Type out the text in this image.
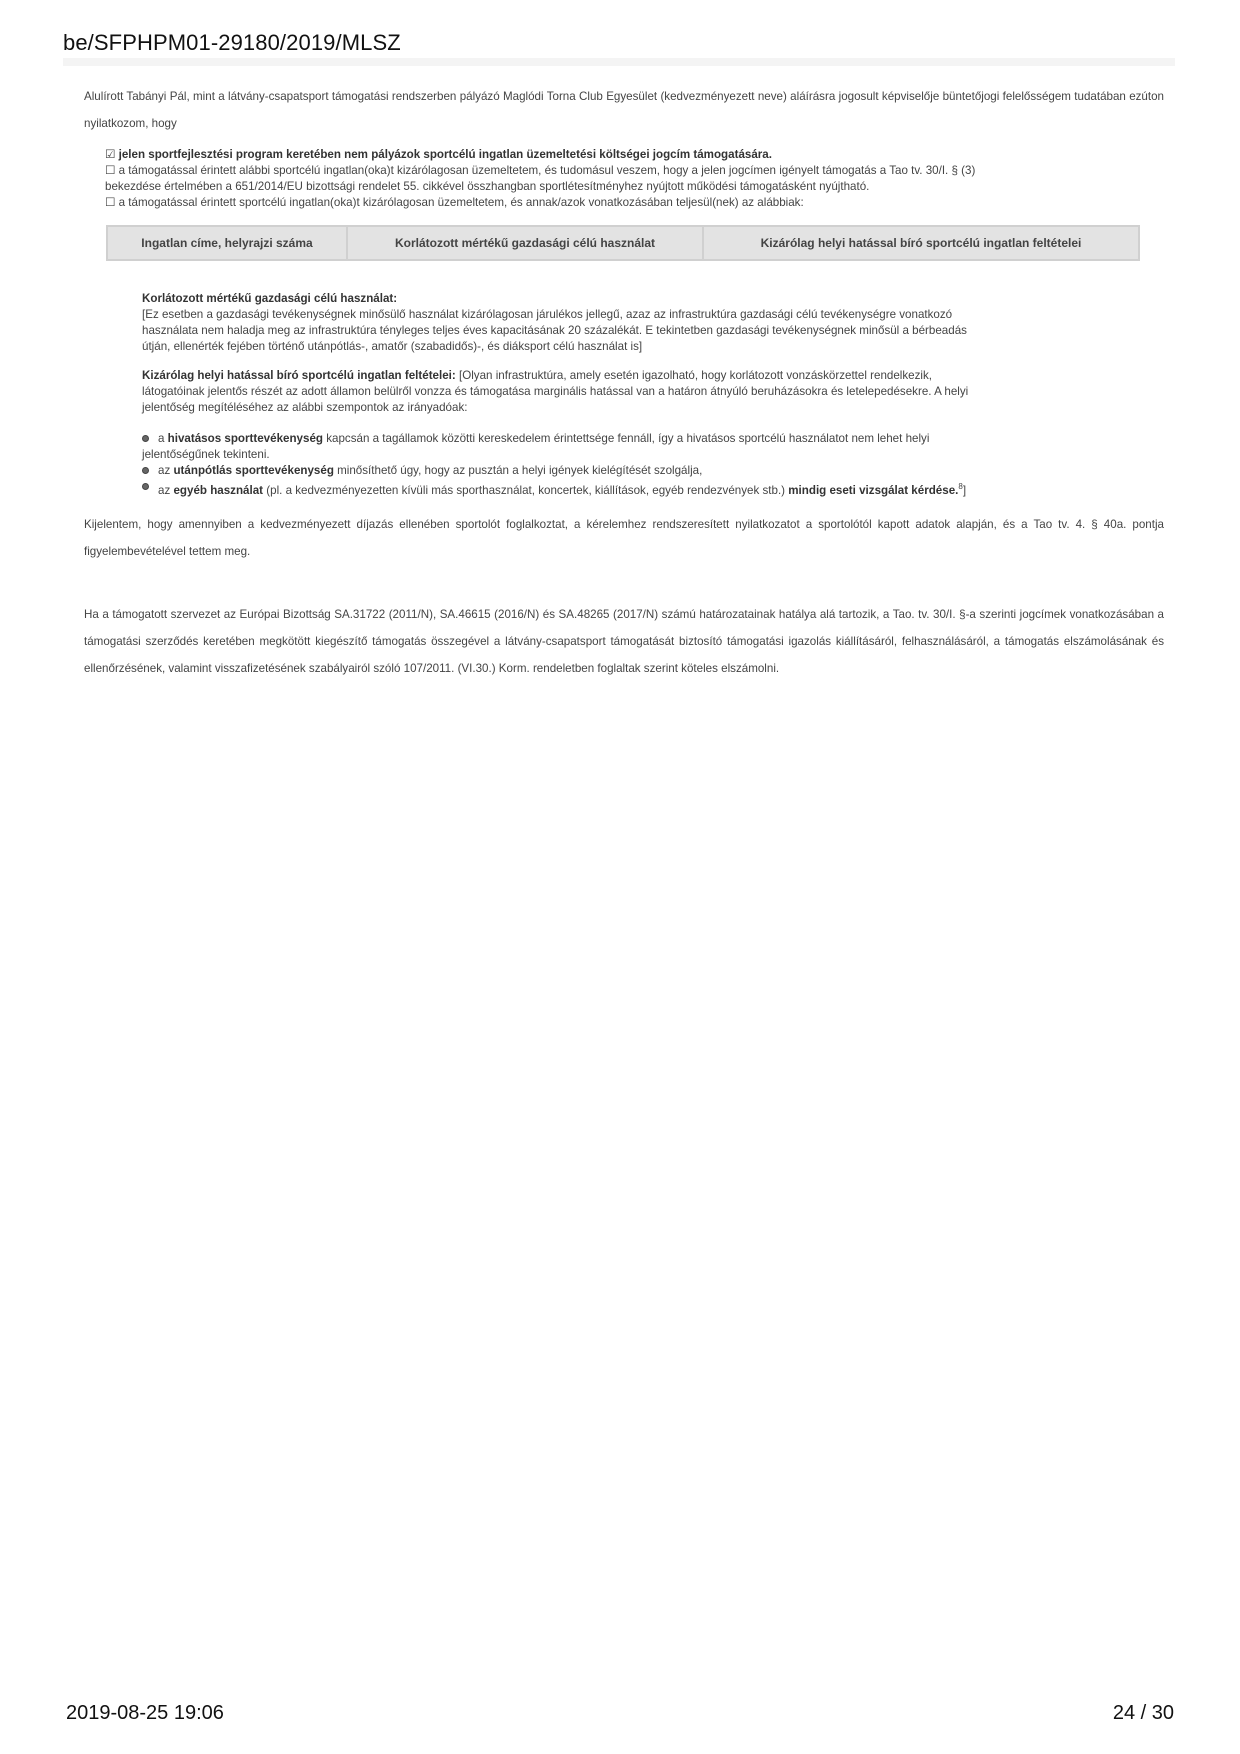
be/SFPHPM01-29180/2019/MLSZ
Alulírott Tabányi Pál, mint a látvány-csapatsport támogatási rendszerben pályázó Maglódi Torna Club Egyesület (kedvezményezett neve) aláírásra jogosult képviselője büntetőjogi felelősségem tudatában ezúton nyilatkozom, hogy
☑ jelen sportfejlesztési program keretében nem pályázok sportcélú ingatlan üzemeltetési költségei jogcím támogatására.
☐ a támogatással érintett alábbi sportcélú ingatlan(oka)t kizárólagosan üzemeltetem, és tudomásul veszem, hogy a jelen jogcímen igényelt támogatás a Tao tv. 30/I. § (3)
bekezdése értelmében a 651/2014/EU bizottsági rendelet 55. cikkével összhangban sportlétesítményhez nyújtott működési támogatásként nyújtható.
☐ a támogatással érintett sportcélú ingatlan(oka)t kizárólagosan üzemeltetem, és annak/azok vonatkozásában teljesül(nek) az alábbiak:
Ingatlan címe, helyrajzi száma	Korlátozott mértékű gazdasági célú használat	Kizárólag helyi hatással bíró sportcélú ingatlan feltételei
Korlátozott mértékű gazdasági célú használat:
[Ez esetben a gazdasági tevékenységnek minősülő használat kizárólagosan járulékos jellegű, azaz az infrastruktúra gazdasági célú tevékenységre vonatkozó
használata nem haladja meg az infrastruktúra tényleges teljes éves kapacitásának 20 százalékát. E tekintetben gazdasági tevékenységnek minősül a bérbeadás
útján, ellenérték fejében történő utánpótlás-, amatőr (szabadidős)-, és diáksport célú használat is]
Kizárólag helyi hatással bíró sportcélú ingatlan feltételei: [Olyan infrastruktúra, amely esetén igazolható, hogy korlátozott vonzáskörzettel rendelkezik,
látogatóinak jelentős részét az adott államon belülről vonzza és támogatása marginális hatással van a határon átnyúló beruházásokra és letelepedésekre. A helyi
jelentőség megítéléséhez az alábbi szempontok az irányadóak:
a hivatásos sporttevékenység kapcsán a tagállamok közötti kereskedelem érintettsége fennáll, így a hivatásos sportcélú használatot nem lehet helyi
jelentőségűnek tekinteni.
az utánpótlás sporttevékenység minősíthető úgy, hogy az pusztán a helyi igények kielégítését szolgálja,
az egyéb használat (pl. a kedvezményezetten kívüli más sporthasználat, koncertek, kiállítások, egyéb rendezvények stb.) mindig eseti vizsgálat kérdése.$^8$]
Kijelentem, hogy amennyiben a kedvezményezett díjazás ellenében sportolót foglalkoztat, a kérelemhez rendszeresített nyilatkozatot a sportolótól kapott adatok alapján, és a Tao tv. 4. § 40a. pontja figyelembevételével tettem meg.
Ha a támogatott szervezet az Európai Bizottság SA.31722 (2011/N), SA.46615 (2016/N) és SA.48265 (2017/N) számú határozatainak hatálya alá tartozik, a Tao. tv. 30/I. §-a szerinti jogcímek vonatkozásában a támogatási szerződés keretében megkötött kiegészítő támogatás összegével a látvány-csapatsport támogatását biztosító támogatási igazolás kiállításáról, felhasználásáról, a támogatás elszámolásának és ellenőrzésének, valamint visszafizetésének szabályairól szóló 107/2011. (VI.30.) Korm. rendeletben foglaltak szerint köteles elszámolni.
2019-08-25 19:06	24 / 30
